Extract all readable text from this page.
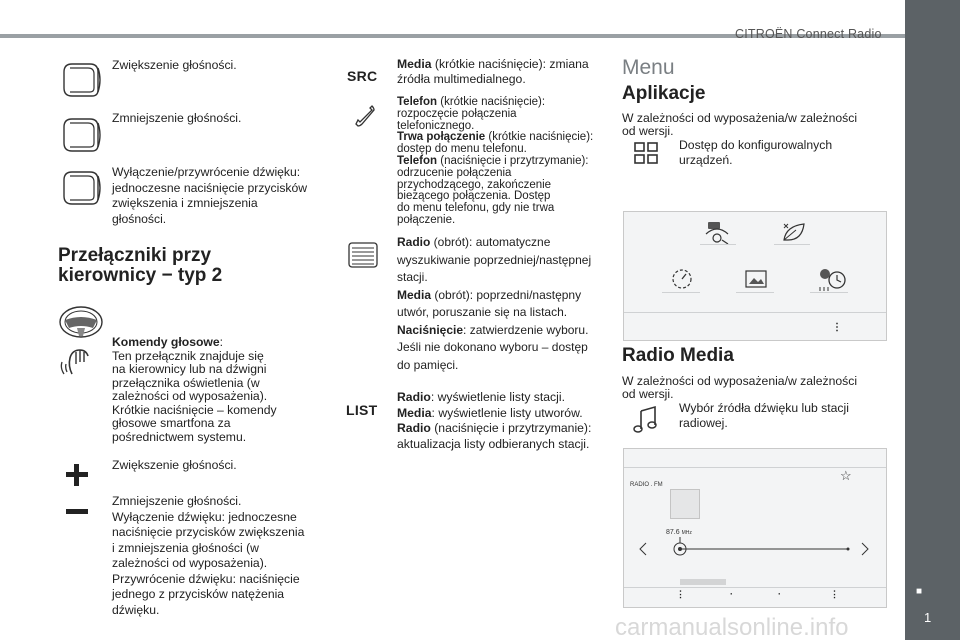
CITROËN Connect Radio
■
1
carmanualsonline.info
Zwiększenie głośności.
Zmniejszenie głośności.
Wyłączenie/przywrócenie dźwięku:
jednoczesne naciśnięcie przycisków
zwiększenia i zmniejszenia
głośności.
Przełączniki przy
kierownicy − typ 2
Komendy głosowe:
Ten przełącznik znajduje się
na kierownicy lub na dźwigni
przełącznika oświetlenia (w
zależności od wyposażenia).
Krótkie naciśnięcie – komendy
głosowe smartfona za
pośrednictwem systemu.
Zwiększenie głośności.
Zmniejszenie głośności.
Wyłączenie dźwięku: jednoczesne
naciśnięcie przycisków zwiększenia
i zmniejszenia głośności (w
zależności od wyposażenia).
Przywrócenie dźwięku: naciśnięcie
jednego z przycisków natężenia
dźwięku.
SRC
Media (krótkie naciśnięcie): zmiana
źródła multimedialnego.
Telefon (krótkie naciśnięcie):
rozpoczęcie połączenia
telefonicznego.
Trwa połączenie (krótkie naciśnięcie):
dostęp do menu telefonu.
Telefon (naciśnięcie i przytrzymanie):
odrzucenie połączenia
przychodzącego, zakończenie
bieżącego połączenia. Dostęp
do menu telefonu, gdy nie trwa
połączenie.
Radio (obrót): automatyczne
wyszukiwanie poprzedniej/następnej
stacji.
Media (obrót): poprzedni/następny
utwór, poruszanie się na listach.
Naciśnięcie: zatwierdzenie wyboru.
Jeśli nie dokonano wyboru – dostęp
do pamięci.
LIST
Radio: wyświetlenie listy stacji.
Media: wyświetlenie listy utworów.
Radio (naciśnięcie i przytrzymanie):
aktualizacja listy odbieranych stacji.
Menu
Aplikacje
W zależności od wyposażenia/w zależności
od wersji.
Dostęp do konfigurowalnych
urządzeń.
⋮
Radio Media
W zależności od wyposażenia/w zależności
od wersji.
Wybór źródła dźwięku lub stacji
radiowej.
☆
RADIO . FM
87.6 MHz
⋮	·	·	⋮
